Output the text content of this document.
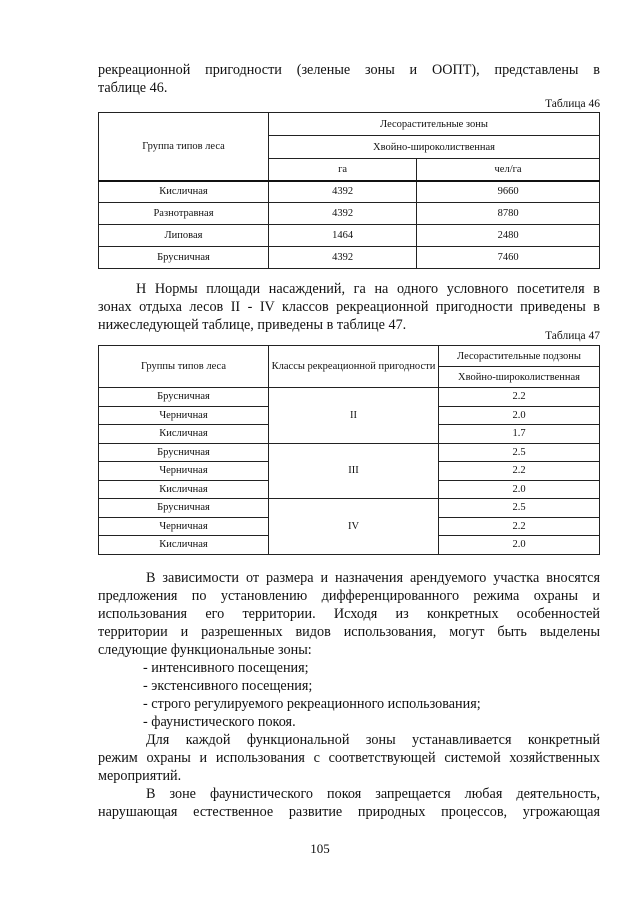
рекреационной пригодности (зеленые зоны и ООПТ), представлены в

таблице 46.

Таблица 46
Группа типов леса	Лесорастительные зоны	
	Хвойно-широколиственная	
	га	чел/га
Кисличная	4392	9660
Разнотравная	4392	8780
Липовая	1464	2480
Брусничная	4392	7460

Н Нормы площади насаждений, га на одного условного посетителя в

зонах отдыха лесов II - IV классов рекреационной пригодности приведены в

нижеследующей таблице, приведены в таблице 47.

Таблица 47
Группы типов леса	Классы рекреационной пригодности	Лесорастительные подзоны
		Хвойно-широколиственная
Брусничная	II	2.2
Черничная		2.0
Кисличная		1.7
Брусничная	III	2.5
Черничная		2.2
Кисличная		2.0
Брусничная	IV	2.5
Черничная		2.2
Кисличная		2.0

В зависимости от размера и назначения арендуемого участка вносятся

предложения по установлению дифференцированного режима охраны и

использования его территории. Исходя из конкретных особенностей

территории и разрешенных видов использования, могут быть выделены

следующие функциональные зоны:

- интенсивного посещения;
- экстенсивного посещения;
- строго регулируемого рекреационного использования;
- фаунистического покоя.

Для каждой функциональной зоны устанавливается конкретный

режим охраны и использования с соответствующей системой хозяйственных

мероприятий.

В зоне фаунистического покоя запрещается любая деятельность,

нарушающая естественное развитие природных процессов, угрожающая

105
